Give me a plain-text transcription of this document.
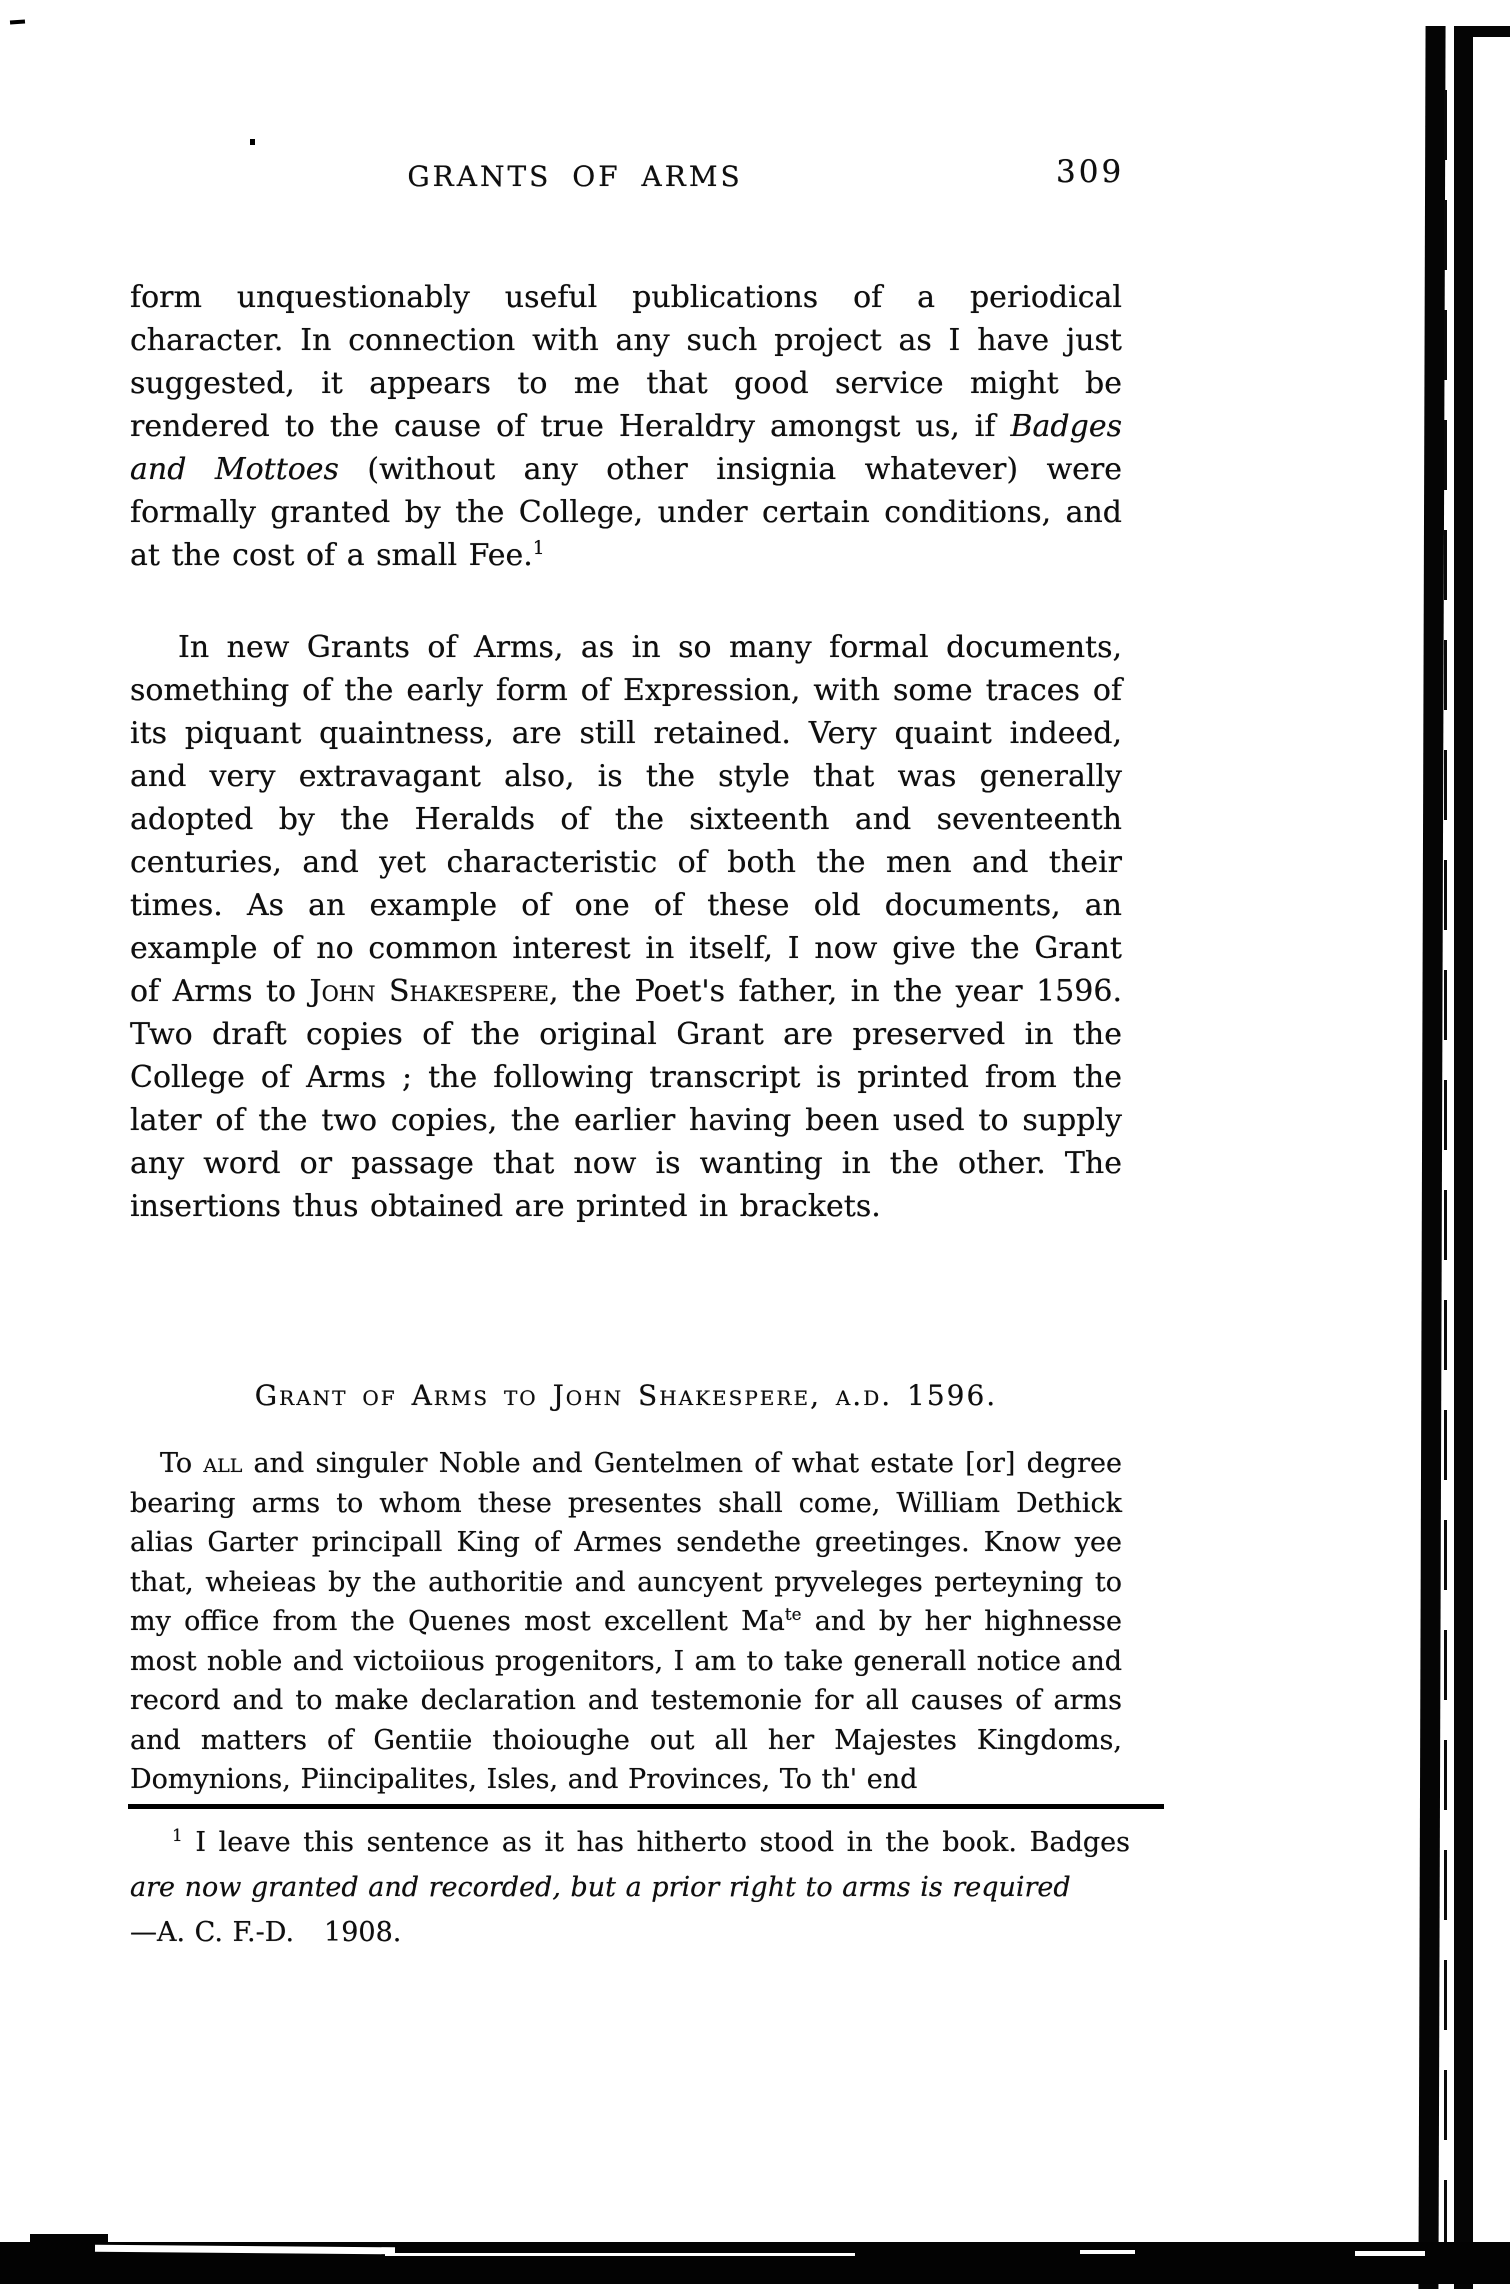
GRANTS OF ARMS	309

form unquestionably useful publications of a periodical character. In connection with any such project as I have just suggested, it appears to me that good service might be rendered to the cause of true Heraldry amongst us, if Badges and Mottoes (without any other insignia whatever) were formally granted by the College, under certain conditions, and at the cost of a small Fee.$^1$

In new Grants of Arms, as in so many formal documents, something of the early form of Expression, with some traces of its piquant quaintness, are still retained. Very quaint indeed, and very extravagant also, is the style that was generally adopted by the Heralds of the sixteenth and seventeenth centuries, and yet characteristic of both the men and their times. As an example of one of these old documents, an example of no common interest in itself, I now give the Grant of Arms to John Shakespere, the Poet's father, in the year 1596. Two draft copies of the original Grant are preserved in the College of Arms ; the following transcript is printed from the later of the two copies, the earlier having been used to supply any word or passage that now is wanting in the other. The insertions thus obtained are printed in brackets.

Grant of Arms to John Shakespere, a.d. 1596.

To all and singuler Noble and Gentelmen of what estate [or] degree bearing arms to whom these presentes shall come, William Dethick alias Garter principall King of Armes sendethe greetinges. Know yee that, wheieas by the authoritie and auncyent pryveleges perteyning to my office from the Quenes most excellent $Ma^{te}$ and by her highnesse most noble and victoiious progenitors, I am to take generall notice and record and to make declaration and testemonie for all causes of arms and matters of Gentiie thoioughe out all her Majestes Kingdoms, Domynions, Piincipalites, Isles, and Provinces, To th' end

$^1$ I leave this sentence as it has hitherto stood in the book. Badges are now granted and recorded, but a prior right to arms is required
—A. C. F.-D. 1908.
